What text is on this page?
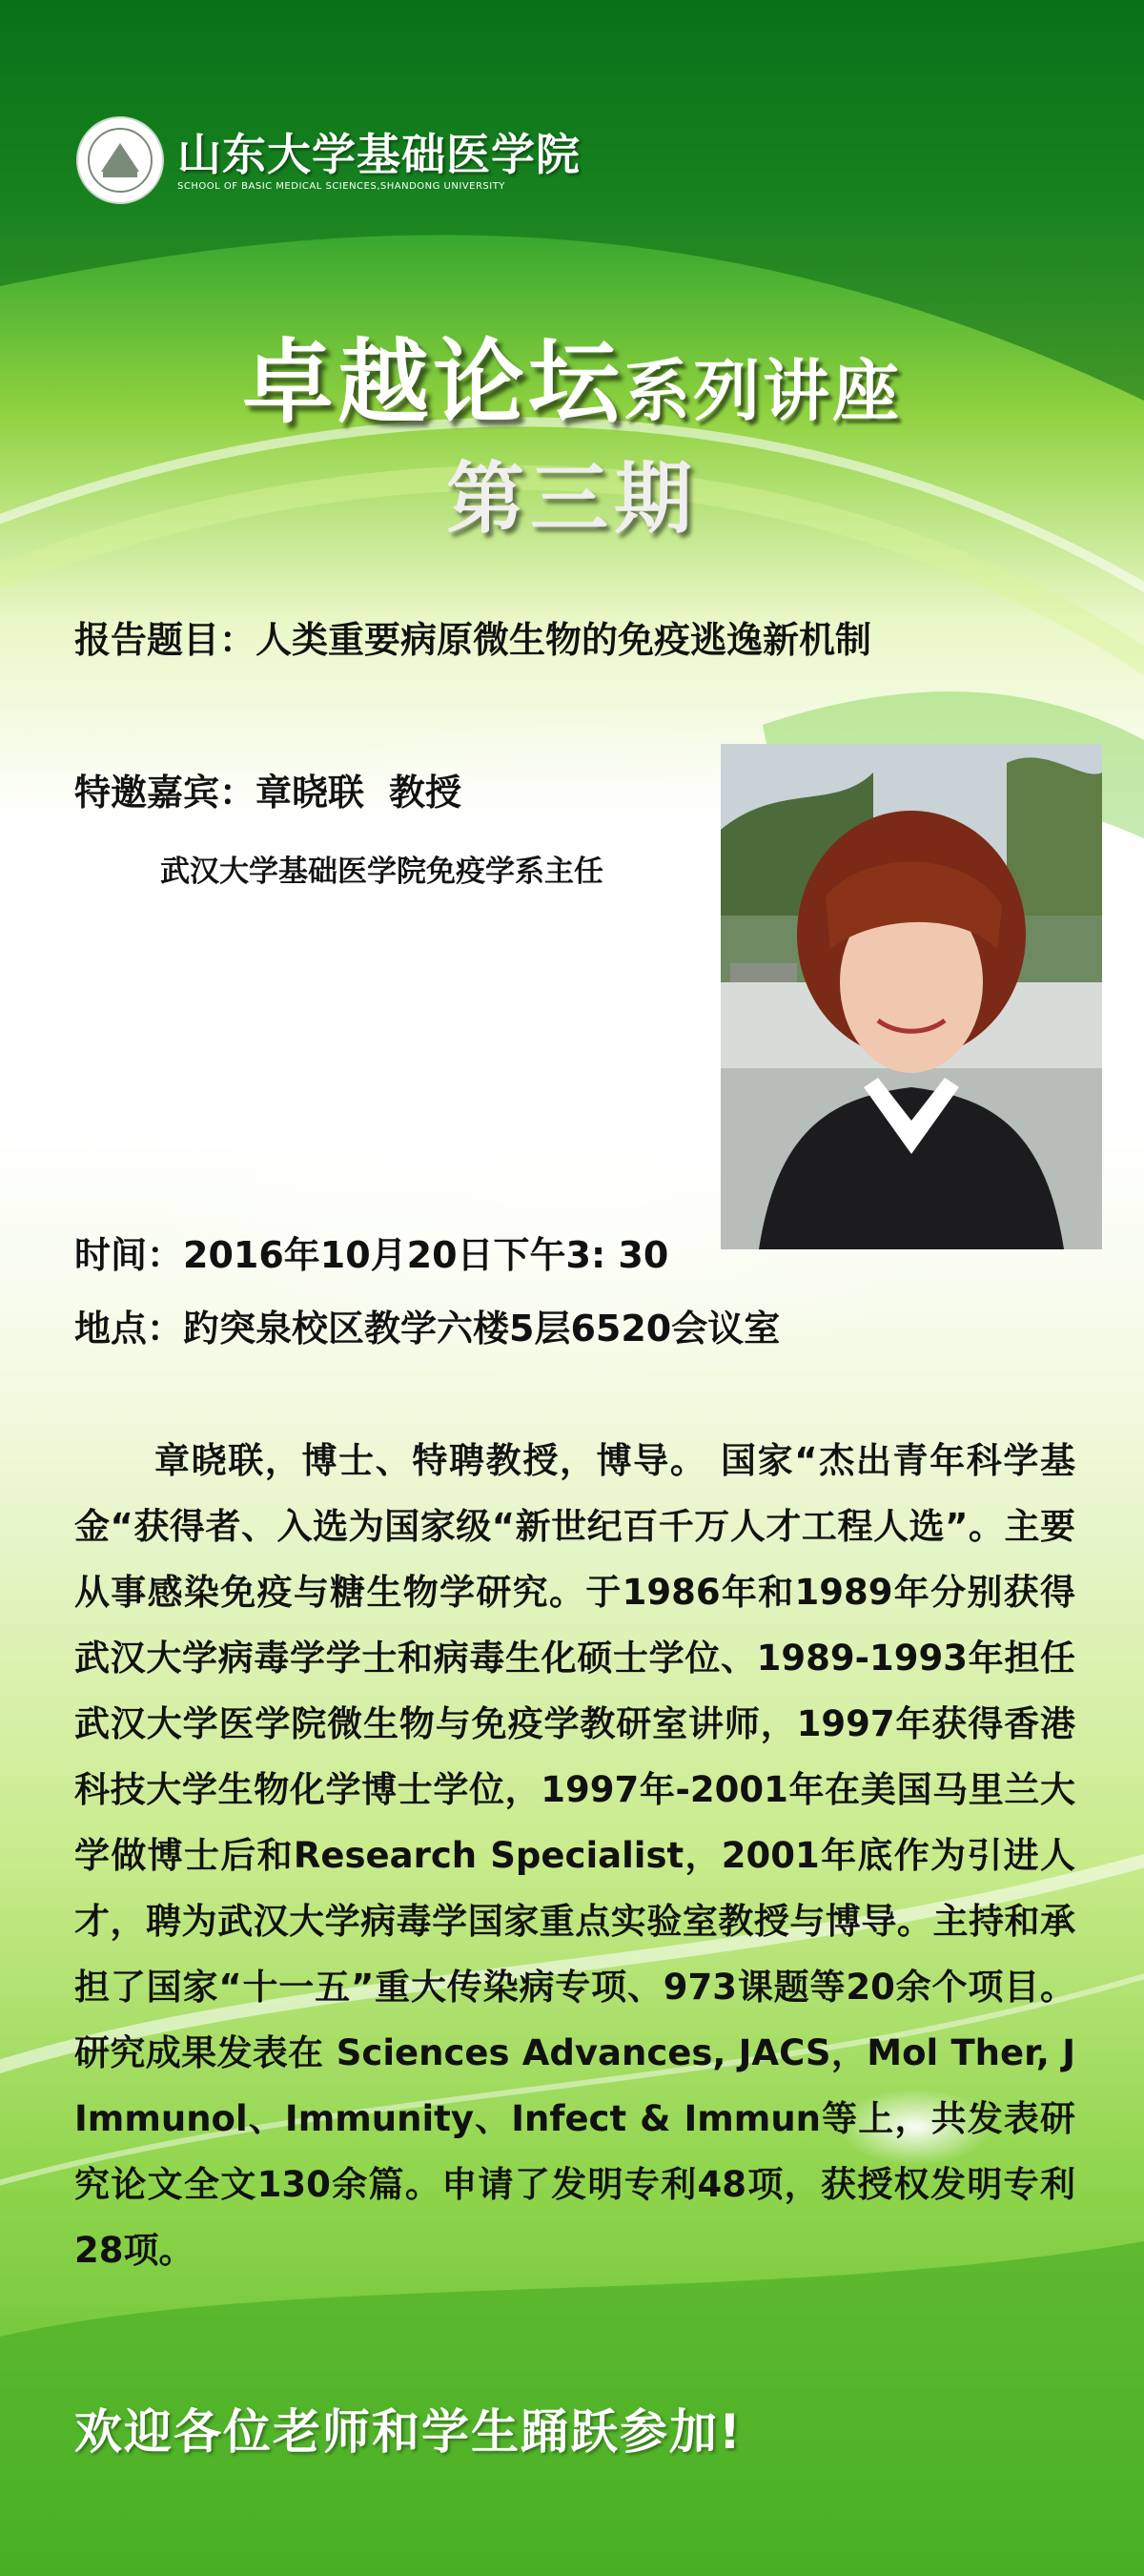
山东大学基础医学院
SCHOOL OF BASIC MEDICAL SCIENCES,SHANDONG UNIVERSITY
卓越论坛系列讲座
第三期
报告题目：人类重要病原微生物的免疫逃逸新机制
特邀嘉宾：章晓联 教授
武汉大学基础医学院免疫学系主任
时间：2016年10月20日下午3: 30
地点：趵突泉校区教学六楼5层6520会议室
章晓联，博士、特聘教授，博导。 国家“杰出青年科学基金“获得者、入选为国家级“新世纪百千万人才工程人选”。主要从事感染免疫与糖生物学研究。于1986年和1989年分别获得武汉大学病毒学学士和病毒生化硕士学位、1989-1993年担任武汉大学医学院微生物与免疫学教研室讲师，1997年获得香港科技大学生物化学博士学位，1997年-2001年在美国马里兰大学做博士后和Research Specialist，2001年底作为引进人才，聘为武汉大学病毒学国家重点实验室教授与博导。主持和承担了国家“十一五”重大传染病专项、973课题等20余个项目。研究成果发表在 Sciences Advances, JACS，Mol Ther, J Immunol、Immunity、Infect & Immun等上，共发表研究论文全文130余篇。申请了发明专利48项，获授权发明专利28项。
欢迎各位老师和学生踊跃参加!
